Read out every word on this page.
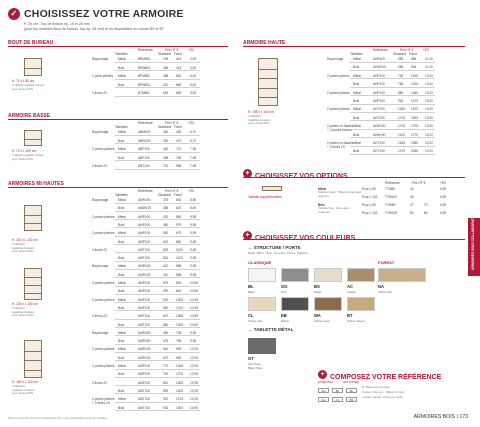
✓ CHOISISSEZ VOTRE ARMOIRE
P. 20 cm : Top de finition ép. 19 et 25 mm
(pour les modèles Bout de bureau, top ép. 25 mm) et en disponibles en coloris BS et BT
BOUT DE BUREAU
ARMOIRE BASSE
ARMOIRES MI HAUTES
Référence	Prix HT €	+ÉC
Tablettes	Standard Fixed
H. 71 x L 80 cm
1 tablette réglable incluse
pour version DIN
Rayonnage	Métal	BRM80L	235 415	4,00
Bois	BRW80L	266 415	4,00
1 porte pleines Métal	BPM80L	388 540	5,00
Bois	BPW80L	410 560	5,00
1 tiroirs 2V	BTM80L	653 850	5,00
Référence	Prix HT €	+ÉC
Tablettes	Standard Fixed
H. 72 x L 100 cm
1 tablette réglable incluse
pour version DIN
Rayonnage	Métal	ABM100	350 430	6,70
Bois	ABW100	390 470	6,70
2 portes pleines Métal	ABP100	440 710	7,95
Bois	ABP100	485 750	7,95
2 tiroirs 2V	ABT100	710 985	7,95
Référence	Prix HT €	+ÉC
Tablettes	Standard Fixed
Rayonnage	Métal	AMR100	375 600	8,50
Bois	AMW100	385 620	8,50
2 portes pleines Métal	AMP100	420 860	9,95
Bois	AMP100	480 975	9,95
2 portes pleines Métal	AMP100	550 675	9,95
Bois	AMP100	620 860	9,95
2 tiroirs 2V	AMT100	825 1100 9,95
Bois	AMT100	830 1105 9,95
Rayonnage	Métal	AMR100	410 585	9,95
Bois	AMR100	410 585	9,95
2 portes pleines Métal	AMP100	575 800	10,95
Bois	AMP100	590 840	10,95
2 portes pleines Métal	AMP100	630 1005 10,95
Bois	AMP100	650 1010 10,95
2 tiroirs 2V	AMT100	870 1385 10,95
Bois	AMT100	880 1390 10,95
Rayonnage	Métal	AMR100	450 735	9,95
Bois	AMR100	475 765	9,95
2 portes pleines Métal	AMR100	640 990	12,95
Bois	AMR100	670 990	12,95
2 portes pleines Métal	AMP100	770 1045 12,95
Bois	AMP100	790 1075 12,95
2 tiroirs 2V	AMP100	820 1305 12,95
Bois	AMT100	890 1405 12,95
2 portes pleines
+ 2 tiroirs 2V
Métal	AMT100	910 1475 14,95
Bois	AMT100	930 1500 14,95
H. 110 x L 100 cm
2 tablettes
réglables incluses
pour version DIN
H. 135 x L 100 cm
3 tablettes
réglables incluses
pour version DIN
H. 160 x L 100 cm
3 tablettes
réglables incluses
pour version DIN
ARMOIRE HAUTE
Référence	Prix HT €	+ÉC
Tablettes	Standard Fixed
H. 198 x L 100 cm
4 tablettes
réglables incluses
pour version DIN
Rayonnage	Métal	AHR100	555 885	11,00
Bois	AHW100	585 945	11,00
2 portes pleines Métal	AHP100	730 1195 13,00
Bois	AHP100	765 1225 13,00
2 portes pleines Métal	AHP100	880 1450 13,00
Bois	AHP100	930 1475 13,00
2 portes pleines Métal	AHT100	1000 1570 13,00
Bois	AHT100	1075 1625 13,00
2 portes mi-hautes
+ 2 portes basses
Métal	AHM100	1075 1705 13,00
Bois	AHM100	1100 1770 13,00
2 portes mi-hautes
+ 2 tiroirs 2V
Métal	AHT100	1465 1980 13,00
Bois	AHT100	1475 2035 13,00
+
Tablette supplémentaire
Référence	Prix HT €	+ÉC
Métal	Pour L 80	TTM80	42	0,50
Pour L 100 TTM100	45	0,50
Bois	Pour L 80	TTW80	47	70	0,50
Pour L 100 TTW100	50	80	0,50
Tablette métal : Tablette livrée sans
supports
Tablette bois : livrée avec
4 taquets
+
→ STRUCTURE / PORTE
Métal : Blanc / Bois : Structure, Portes, Tablettes
CLASSIQUE	FOREST
BL
Blanc
GG
Gris
BS
Beige
AC
Acacia
NA
Chêne clair
CL
Chêne clair
EB
Ébène
WA
Chêne noyer
BT
Chêne naturel
GT
Gris Tissé
Blanc Tissé
→ TABLETTE MÉTAL
+ COMPOSEZ VOTRE RÉFÉRENCE
ESSENTIEL	OPTIONNEL
AH	BL	BL
AH	CL	BS
N° Référence de base
Couleur structure : (Métal ou bois)
Couleur façade : Portes ou tiroirs
ARMOIRES BOIS COLLABORATION
Prix en euros HT hors éco-contribution, ÉC = éco-participation pour les meubles.	ARMOIRES BOIS | 173
